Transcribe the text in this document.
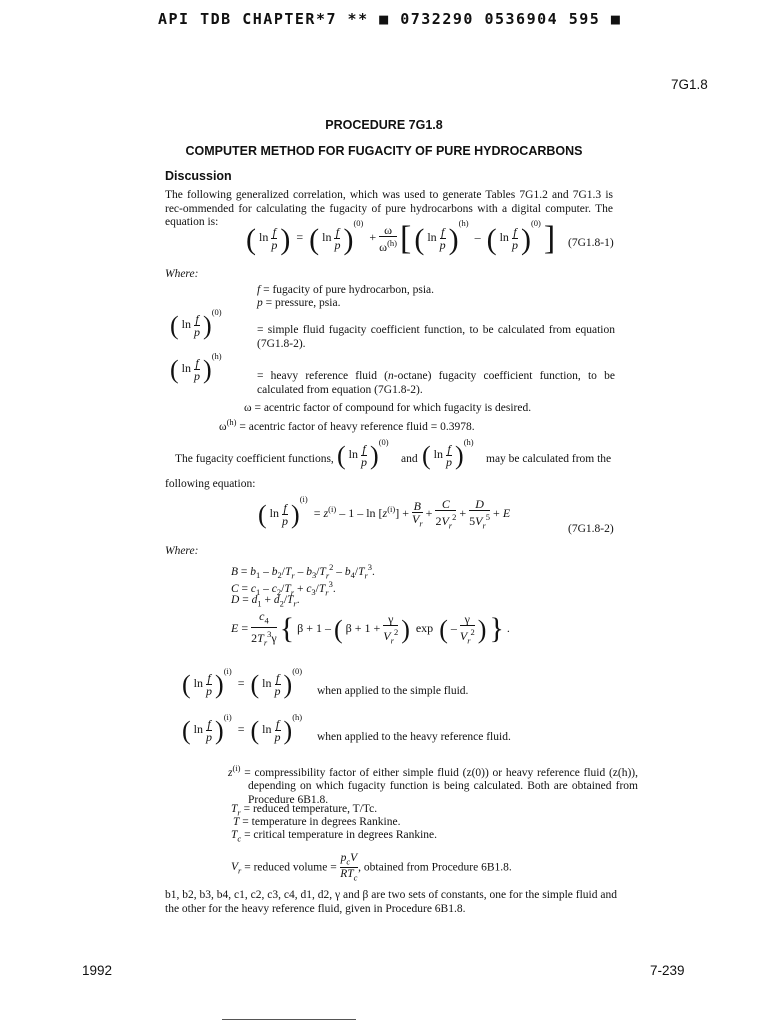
API TDB CHAPTER*7 ** ■ 0732290 0536904 595 ■
7G1.8
PROCEDURE 7G1.8
COMPUTER METHOD FOR FUGACITY OF PURE HYDROCARBONS
Discussion
The following generalized correlation, which was used to generate Tables 7G1.2 and 7G1.3 is rec-ommended for calculating the fugacity of pure hydrocarbons with a digital computer. The equation is:
( $\ln \frac{f}{p}$ )  =  ( $\ln \frac{f}{p} )^{(0)} + \frac{\omega}{\omega^{(h)}}$ [ ( $\ln \frac{f}{p} )^{(h)}$  –  ( $\ln \frac{f}{p} )^{(0)}$ ] (7G1.8-1)
Where:
f = fugacity of pure hydrocarbon, psia.
p = pressure, psia.
( $\ln \frac{f}{p} )^{(0)}$
= simple fluid fugacity coefficient function, to be calculated from equation (7G1.8-2).
( $\ln \frac{f}{p} )^{(h)}$
= heavy reference fluid (n-octane) fugacity coefficient function, to be calculated from equation (7G1.8-2).
ω = acentric factor of compound for which fugacity is desired.
$\omega^{(h)}$ = acentric factor of heavy reference fluid = 0.3978.
The fugacity coefficient functions, ( $\ln \frac{f}{p} )^{(0)}$
and ( $\ln \frac{f}{p} )^{(h)}$
may be calculated from the
following equation:
( $\ln \frac{f}{p} )^{(i)} = z^{(i)} - 1 - \ln [z^{(i)}] + \frac{B}{V_r} + \frac{C}{2V_r^2} + \frac{D}{5V_r^5} + E$
(7G1.8-2)
Where:
$B = b_1 - b_2/T_r - b_3/T_r^2 - b_4/T_r^3$.
$C = c_1 - c_2/T_r + c_3/T_r^3$.
$D = d_1 + d_2/T_r$.
$E = \frac{c_4}{2T_r^3\gamma}$ { β + 1 – ( $\beta + 1 + \frac{\gamma}{V_r^2}$ )  exp  ( – $\frac{\gamma}{V_r^2}$ ) } .
( $\ln \frac{f}{p} )^{(i)}$  =  ( $\ln \frac{f}{p} )^{(0)}$
when applied to the simple fluid.
( $\ln \frac{f}{p} )^{(i)}$  =  ( $\ln \frac{f}{p} )^{(h)}$
when applied to the heavy reference fluid.
$z^{(i)}$ = compressibility factor of either simple fluid (z(0)) or heavy reference fluid (z(h)), depending on which fugacity function is being calculated. Both are obtained from Procedure 6B1.8.
$T_r$ = reduced temperature, T/Tc.
T = temperature in degrees Rankine.
$T_c$ = critical temperature in degrees Rankine.
$V_r$ = reduced volume = $\frac{p_cV}{RT_c}$ , obtained from Procedure 6B1.8.
b1, b2, b3, b4, c1, c2, c3, c4, d1, d2, γ and β are two sets of constants, one for the simple fluid and the other for the heavy reference fluid, given in Procedure 6B1.8.
1992	7-239
